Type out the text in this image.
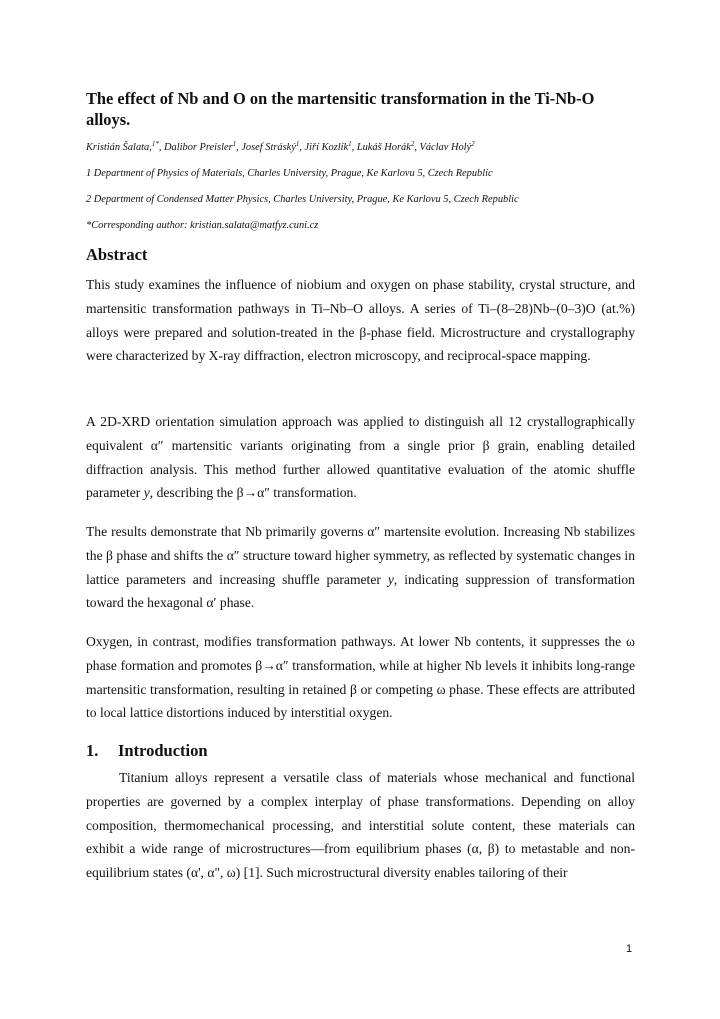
The effect of Nb and O on the martensitic transformation in the Ti-Nb-O alloys.

Kristián Šalata,$^{1*}$, Dalibor Preisler$^1$, Josef Stráský$^1$, Jiří Kozlík$^1$, Lukáš Horák$^2$, Václav Holý$^2$

1 Department of Physics of Materials, Charles University, Prague, Ke Karlovu 5, Czech Republic

2 Department of Condensed Matter Physics, Charles University, Prague, Ke Karlovu 5, Czech Republic

*Corresponding author: kristian.salata@matfyz.cuni.cz

Abstract

This study examines the influence of niobium and oxygen on phase stability, crystal structure, and martensitic transformation pathways in Ti–Nb–O alloys. A series of Ti–(8–28)Nb–(0–3)O (at.%) alloys were prepared and solution-treated in the β-phase field. Microstructure and crystallography were characterized by X-ray diffraction, electron microscopy, and reciprocal-space mapping.

A 2D-XRD orientation simulation approach was applied to distinguish all 12 crystallographically equivalent α″ martensitic variants originating from a single prior β grain, enabling detailed diffraction analysis. This method further allowed quantitative evaluation of the atomic shuffle parameter y, describing the β→α″ transformation.

The results demonstrate that Nb primarily governs α″ martensite evolution. Increasing Nb stabilizes the β phase and shifts the α″ structure toward higher symmetry, as reflected by systematic changes in lattice parameters and increasing shuffle parameter y, indicating suppression of transformation toward the hexagonal α′ phase.

Oxygen, in contrast, modifies transformation pathways. At lower Nb contents, it suppresses the ω phase formation and promotes β→α″ transformation, while at higher Nb levels it inhibits long-range martensitic transformation, resulting in retained β or competing ω phase. These effects are attributed to local lattice distortions induced by interstitial oxygen.

1. Introduction

Titanium alloys represent a versatile class of materials whose mechanical and functional properties are governed by a complex interplay of phase transformations. Depending on alloy composition, thermomechanical processing, and interstitial solute content, these materials can exhibit a wide range of microstructures—from equilibrium phases (α, β) to metastable and non-equilibrium states (α', α", ω) [1]. Such microstructural diversity enables tailoring of their

1
